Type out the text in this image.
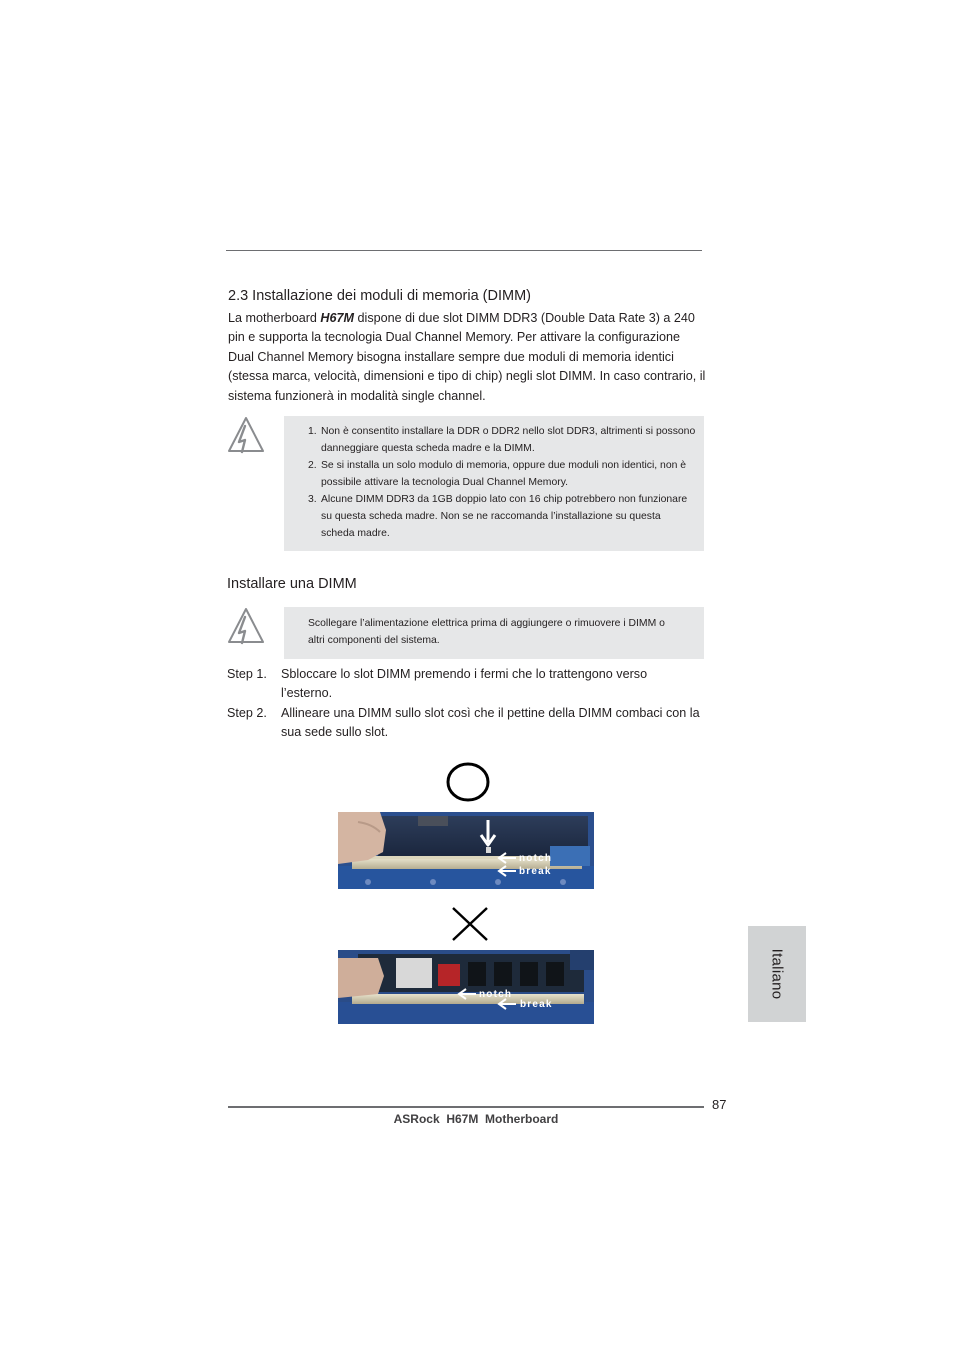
2.3 Installazione dei moduli di memoria (DIMM)
La motherboard H67M dispone di due slot DIMM DDR3 (Double Data Rate 3) a 240 pin e supporta la tecnologia Dual Channel Memory. Per attivare la configurazione Dual Channel Memory bisogna installare sempre due moduli di memoria identici (stessa marca, velocità, dimensioni e tipo di chip) negli slot DIMM. In caso contrario, il sistema funzionerà in modalità single channel.
1. Non è consentito installare la DDR o DDR2 nello slot DDR3, altrimenti si possono danneggiare questa scheda madre e la DIMM.
2. Se si installa un solo modulo di memoria, oppure due moduli non identici, non è possibile attivare la tecnologia Dual Channel Memory.
3. Alcune DIMM DDR3 da 1GB doppio lato con 16 chip potrebbero non funzionare su questa scheda madre. Non se ne raccomanda l’installazione su questa scheda madre.
Installare una DIMM
Scollegare l’alimentazione elettrica prima di aggiungere o rimuovere i DIMM o altri componenti del sistema.
Step 1. Sbloccare lo slot DIMM premendo i fermi che lo trattengono verso l’esterno.
Step 2. Allineare una DIMM sullo slot così che il pettine della DIMM combaci con la sua sede sullo slot.
notch
break
notch
break
Italiano
87
ASRock  H67M  Motherboard
